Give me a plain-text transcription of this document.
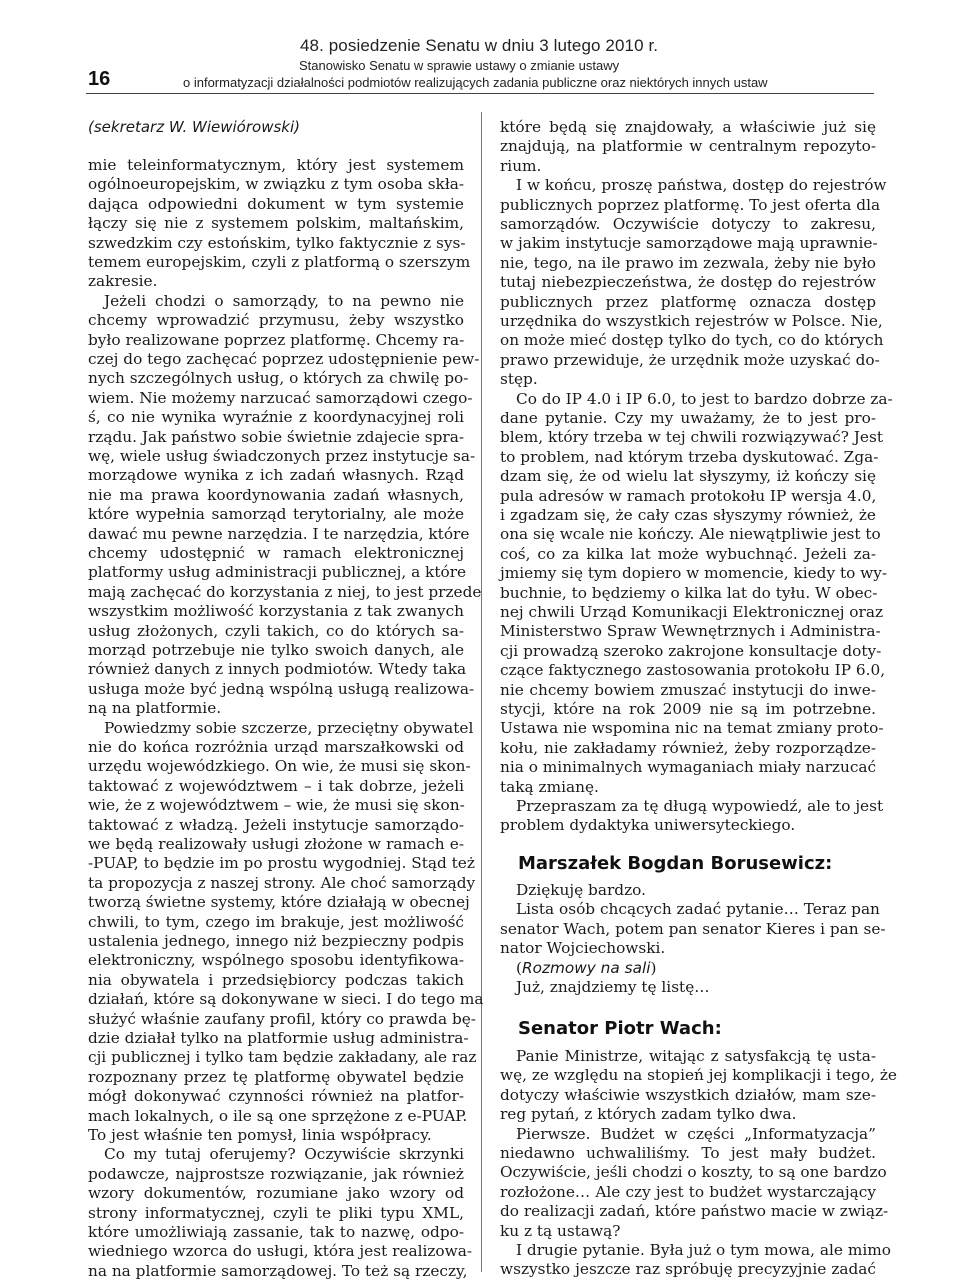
48. posiedzenie Senatu w dniu 3 lutego 2010 r.
Stanowisko Senatu w sprawie ustawy o zmianie ustawy
o informatyzacji działalności podmiotów realizujących zadania publiczne oraz niektórych innych ustaw
16
(sekretarz W. Wiewiórowski)
mie teleinformatycznym, który jest systemem
ogólnoeuropejskim, w związku z tym osoba skła-
dająca odpowiedni dokument w tym systemie
łączy się nie z systemem polskim, maltańskim,
szwedzkim czy estońskim, tylko faktycznie z sys-
temem europejskim, czyli z platformą o szerszym
zakresie.
Jeżeli chodzi o samorządy, to na pewno nie
chcemy wprowadzić przymusu, żeby wszystko
było realizowane poprzez platformę. Chcemy ra-
czej do tego zachęcać poprzez udostępnienie pew-
nych szczególnych usług, o których za chwilę po-
wiem. Nie możemy narzucać samorządowi czego-
ś, co nie wynika wyraźnie z koordynacyjnej roli
rządu. Jak państwo sobie świetnie zdajecie spra-
wę, wiele usług świadczonych przez instytucje sa-
morządowe wynika z ich zadań własnych. Rząd
nie ma prawa koordynowania zadań własnych,
które wypełnia samorząd terytorialny, ale może
dawać mu pewne narzędzia. I te narzędzia, które
chcemy udostępnić w ramach elektronicznej
platformy usług administracji publicznej, a które
mają zachęcać do korzystania z niej, to jest przede
wszystkim możliwość korzystania z tak zwanych
usług złożonych, czyli takich, co do których sa-
morząd potrzebuje nie tylko swoich danych, ale
również danych z innych podmiotów. Wtedy taka
usługa może być jedną wspólną usługą realizowa-
ną na platformie.
Powiedzmy sobie szczerze, przeciętny obywatel
nie do końca rozróżnia urząd marszałkowski od
urzędu wojewódzkiego. On wie, że musi się skon-
taktować z województwem – i tak dobrze, jeżeli
wie, że z województwem – wie, że musi się skon-
taktować z władzą. Jeżeli instytucje samorządo-
we będą realizowały usługi złożone w ramach e-
-PUAP, to będzie im po prostu wygodniej. Stąd też
ta propozycja z naszej strony. Ale choć samorządy
tworzą świetne systemy, które działają w obecnej
chwili, to tym, czego im brakuje, jest możliwość
ustalenia jednego, innego niż bezpieczny podpis
elektroniczny, wspólnego sposobu identyfikowa-
nia obywatela i przedsiębiorcy podczas takich
działań, które są dokonywane w sieci. I do tego ma
służyć właśnie zaufany profil, który co prawda bę-
dzie działał tylko na platformie usług administra-
cji publicznej i tylko tam będzie zakładany, ale raz
rozpoznany przez tę platformę obywatel będzie
mógł dokonywać czynności również na platfor-
mach lokalnych, o ile są one sprzężone z e-PUAP.
To jest właśnie ten pomysł, linia współpracy.
Co my tutaj oferujemy? Oczywiście skrzynki
podawcze, najprostsze rozwiązanie, jak również
wzory dokumentów, rozumiane jako wzory od
strony informatycznej, czyli te pliki typu XML,
które umożliwiają zassanie, tak to nazwę, odpo-
wiedniego wzorca do usługi, która jest realizowa-
na na platformie samorządowej. To też są rzeczy,
które będą się znajdowały, a właściwie już się
znajdują, na platformie w centralnym repozyto-
rium.
I w końcu, proszę państwa, dostęp do rejestrów
publicznych poprzez platformę. To jest oferta dla
samorządów. Oczywiście dotyczy to zakresu,
w jakim instytucje samorządowe mają uprawnie-
nie, tego, na ile prawo im zezwala, żeby nie było
tutaj niebezpieczeństwa, że dostęp do rejestrów
publicznych przez platformę oznacza dostęp
urzędnika do wszystkich rejestrów w Polsce. Nie,
on może mieć dostęp tylko do tych, co do których
prawo przewiduje, że urzędnik może uzyskać do-
stęp.
Co do IP 4.0 i IP 6.0, to jest to bardzo dobrze za-
dane pytanie. Czy my uważamy, że to jest pro-
blem, który trzeba w tej chwili rozwiązywać? Jest
to problem, nad którym trzeba dyskutować. Zga-
dzam się, że od wielu lat słyszymy, iż kończy się
pula adresów w ramach protokołu IP wersja 4.0,
i zgadzam się, że cały czas słyszymy również, że
ona się wcale nie kończy. Ale niewątpliwie jest to
coś, co za kilka lat może wybuchnąć. Jeżeli za-
jmiemy się tym dopiero w momencie, kiedy to wy-
buchnie, to będziemy o kilka lat do tyłu. W obec-
nej chwili Urząd Komunikacji Elektronicznej oraz
Ministerstwo Spraw Wewnętrznych i Administra-
cji prowadzą szeroko zakrojone konsultacje doty-
czące faktycznego zastosowania protokołu IP 6.0,
nie chcemy bowiem zmuszać instytucji do inwe-
stycji, które na rok 2009 nie są im potrzebne.
Ustawa nie wspomina nic na temat zmiany proto-
kołu, nie zakładamy również, żeby rozporządze-
nia o minimalnych wymaganiach miały narzucać
taką zmianę.
Przepraszam za tę długą wypowiedź, ale to jest
problem dydaktyka uniwersyteckiego.
Marszałek Bogdan Borusewicz:
Dziękuję bardzo.
Lista osób chcących zadać pytanie… Teraz pan
senator Wach, potem pan senator Kieres i pan se-
nator Wojciechowski.
(Rozmowy na sali)
Już, znajdziemy tę listę…
Senator Piotr Wach:
Panie Ministrze, witając z satysfakcją tę usta-
wę, ze względu na stopień jej komplikacji i tego, że
dotyczy właściwie wszystkich działów, mam sze-
reg pytań, z których zadam tylko dwa.
Pierwsze. Budżet w części „Informatyzacja”
niedawno uchwaliliśmy. To jest mały budżet.
Oczywiście, jeśli chodzi o koszty, to są one bardzo
rozłożone… Ale czy jest to budżet wystarczający
do realizacji zadań, które państwo macie w związ-
ku z tą ustawą?
I drugie pytanie. Była już o tym mowa, ale mimo
wszystko jeszcze raz spróbuję precyzyjnie zadać
